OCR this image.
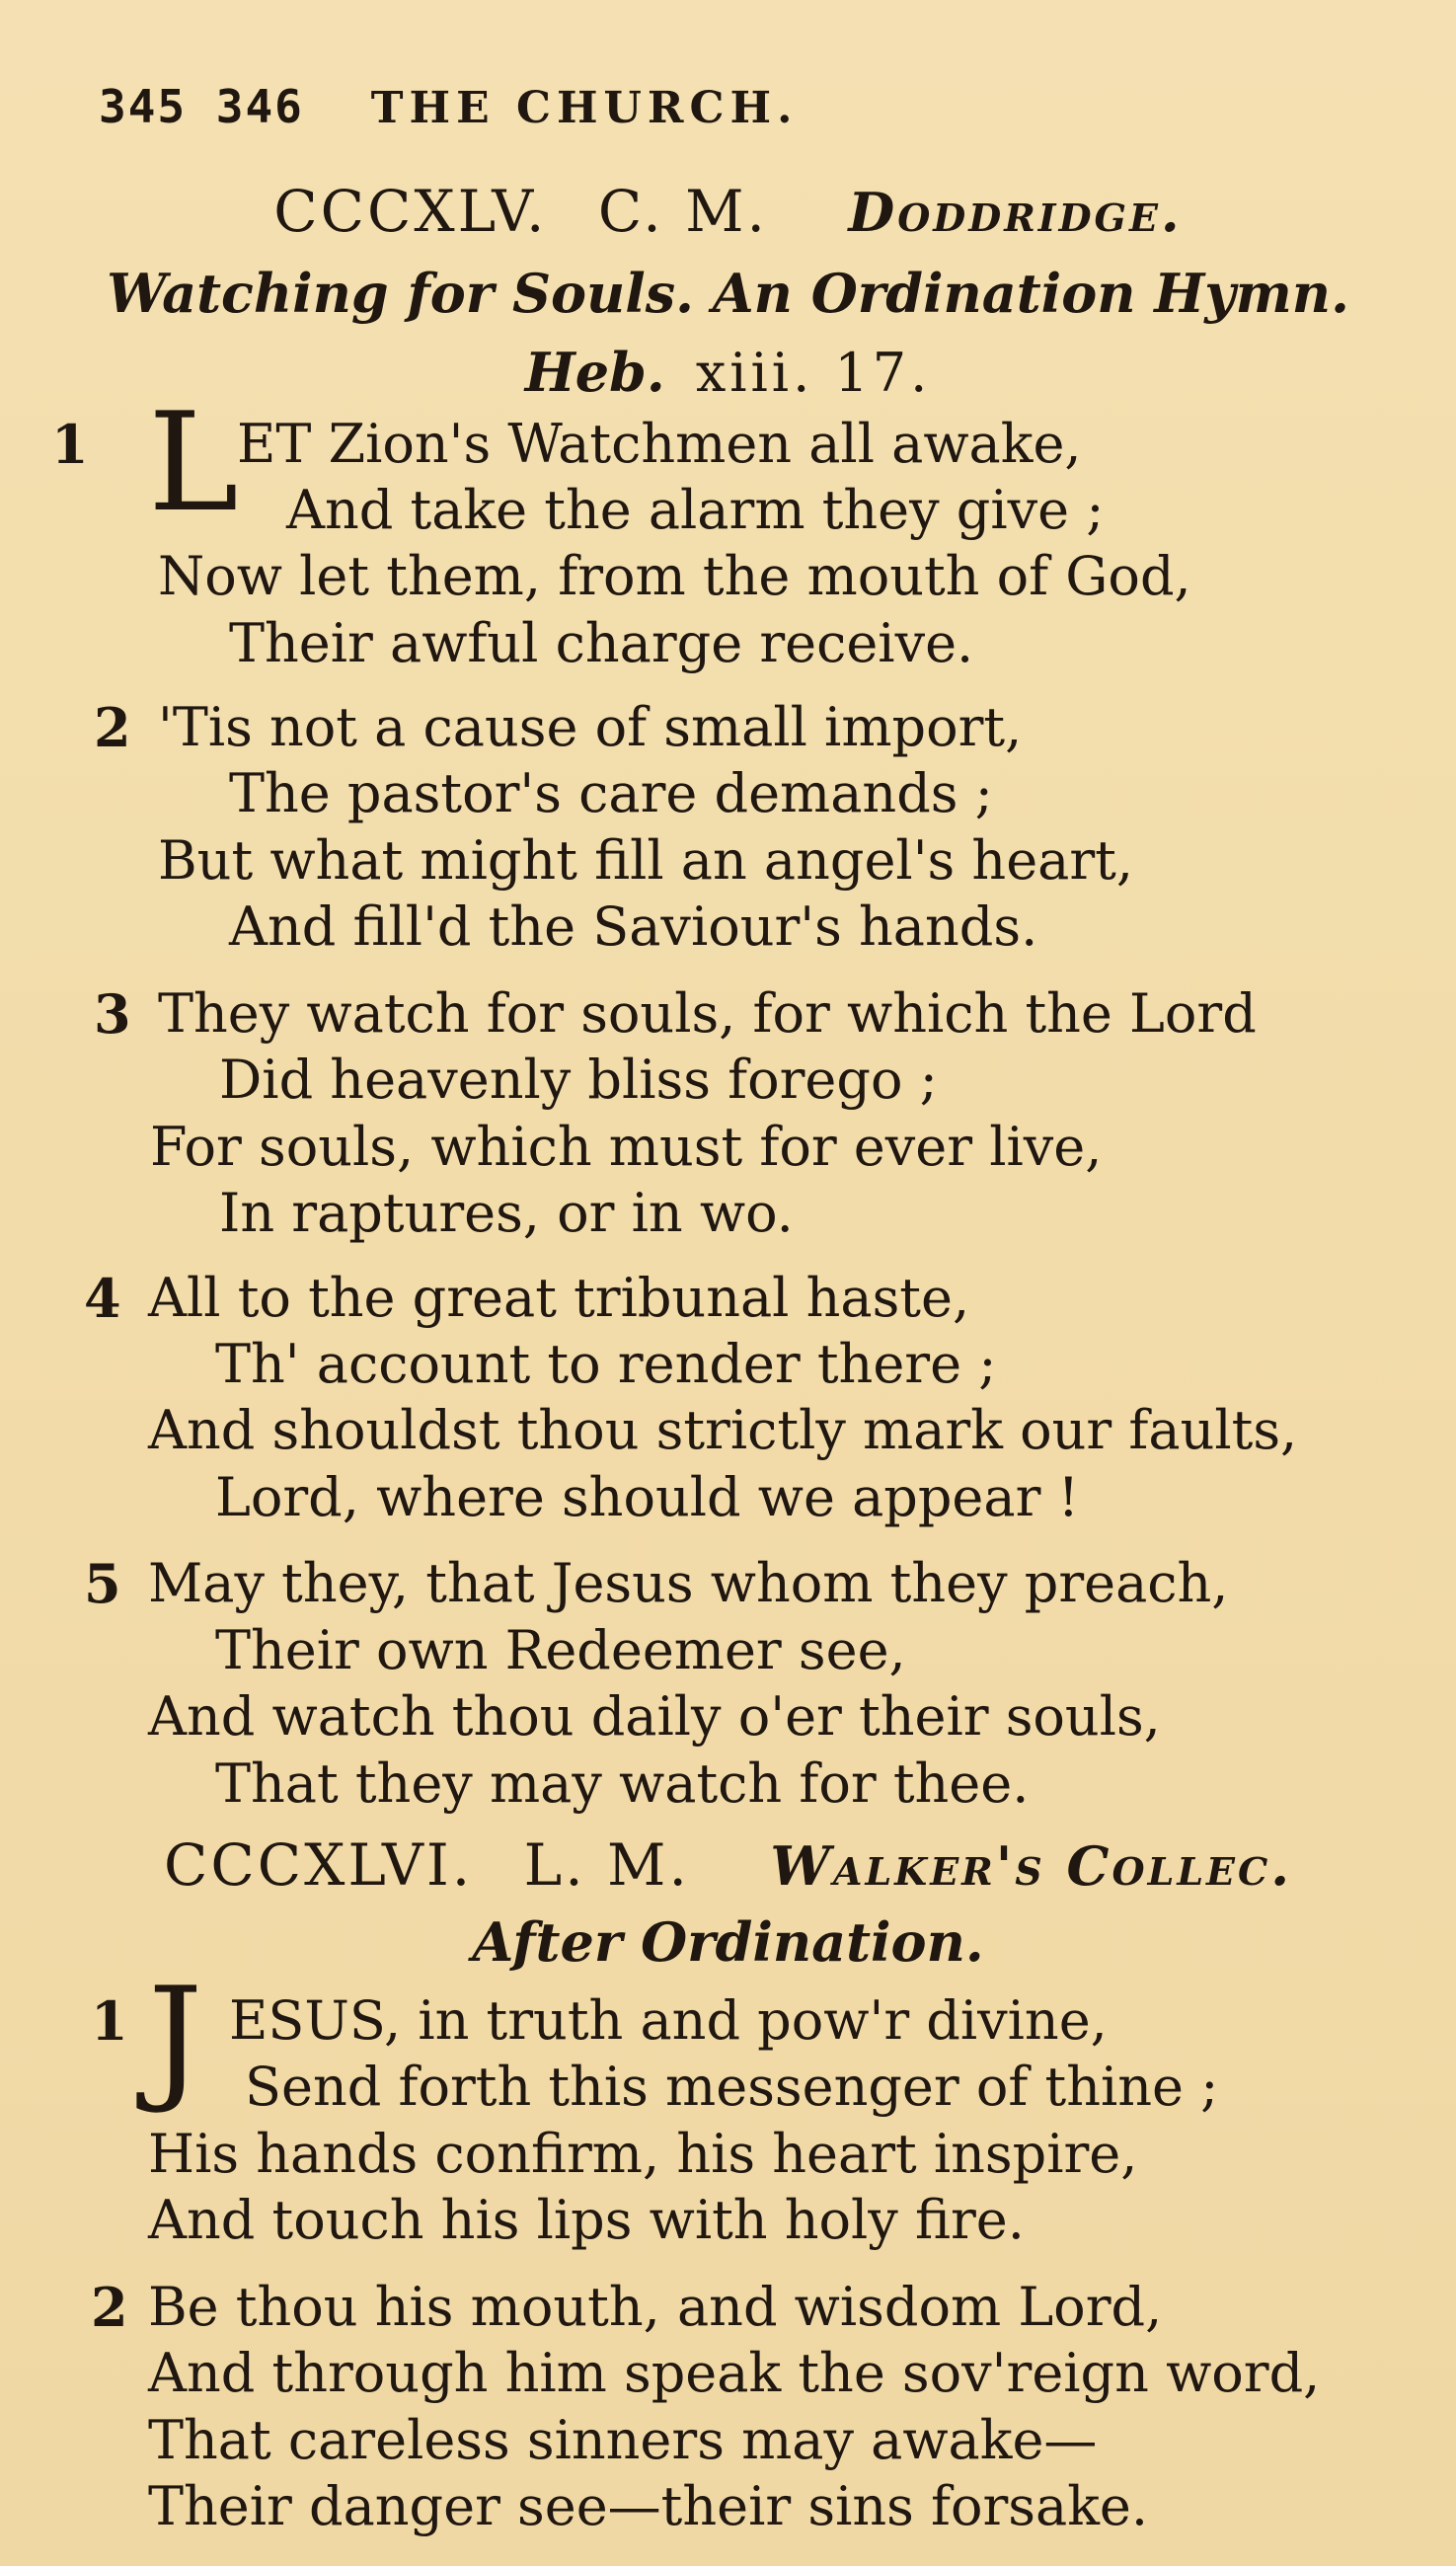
345 346 THE CHURCH.
CCCXLV. C. M. Doddridge.
Watching for Souls. An Ordination Hymn.
Heb. xiii. 17.
1 L
ET Zion's Watchmen all awake,
And take the alarm they give ;
Now let them, from the mouth of God,
Their awful charge receive.
2 'Tis not a cause of small import,
The pastor's care demands ;
But what might fill an angel's heart,
And fill'd the Saviour's hands.
3 They watch for souls, for which the Lord
Did heavenly bliss forego ;
For souls, which must for ever live,
In raptures, or in wo.
4 All to the great tribunal haste,
Th' account to render there ;
And shouldst thou strictly mark our faults,
Lord, where should we appear !
5 May they, that Jesus whom they preach,
Their own Redeemer see,
And watch thou daily o'er their souls,
That they may watch for thee.
CCCXLVI. L. M. Walker's Collec.
After Ordination.
1 J ESUS, in truth and pow'r divine,
Send forth this messenger of thine ;
His hands confirm, his heart inspire,
And touch his lips with holy fire.
2 Be thou his mouth, and wisdom Lord,
And through him speak the sov'reign word,
That careless sinners may awake—
Their danger see—their sins forsake.
